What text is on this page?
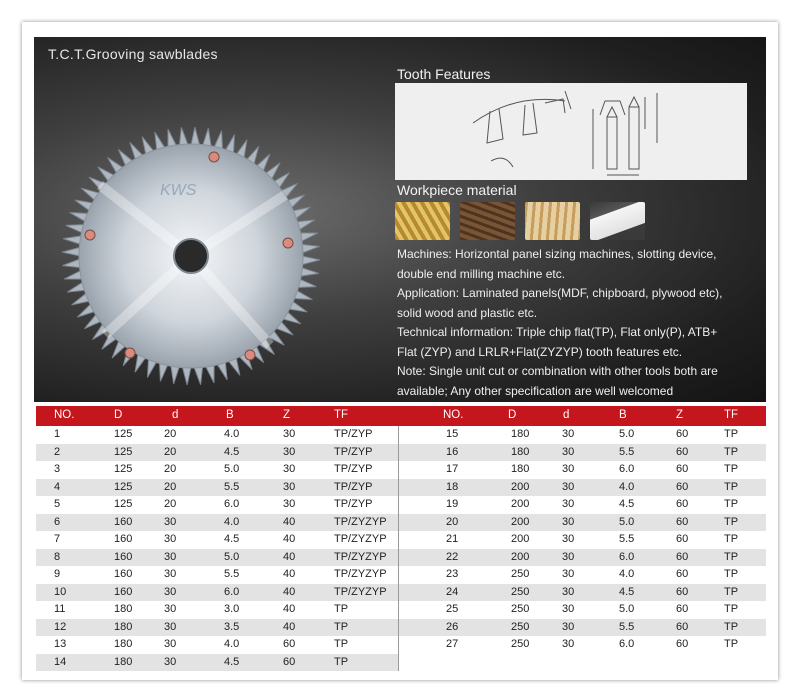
T.C.T.Grooving sawblades
KWS
Tooth Features
Workpiece material
Machines: Horizontal panel sizing machines, slotting device,
double end milling machine etc.
Application: Laminated panels(MDF, chipboard, plywood etc),
solid wood and plastic etc.
Technical information: Triple chip flat(TP), Flat only(P), ATB+
Flat (ZYP) and LRLR+Flat(ZYZYP) tooth features etc.
Note: Single unit cut or combination with other tools both are
available; Any other specification are well welcomed
NO.	D	d	B	Z	TF	NO.	D	d	B	Z	TF
1	125	20	4.0	30	TP/ZYP
2	125	20	4.5	30	TP/ZYP
3	125	20	5.0	30	TP/ZYP
4	125	20	5.5	30	TP/ZYP
5	125	20	6.0	30	TP/ZYP
6	160	30	4.0	40	TP/ZYZYP
7	160	30	4.5	40	TP/ZYZYP
8	160	30	5.0	40	TP/ZYZYP
9	160	30	5.5	40	TP/ZYZYP
10	160	30	6.0	40	TP/ZYZYP
11	180	30	3.0	40	TP
12	180	30	3.5	40	TP
13	180	30	4.0	60	TP
14	180	30	4.5	60	TP
15	180	30	5.0	60	TP
16	180	30	5.5	60	TP
17	180	30	6.0	60	TP
18	200	30	4.0	60	TP
19	200	30	4.5	60	TP
20	200	30	5.0	60	TP
21	200	30	5.5	60	TP
22	200	30	6.0	60	TP
23	250	30	4.0	60	TP
24	250	30	4.5	60	TP
25	250	30	5.0	60	TP
26	250	30	5.5	60	TP
27	250	30	6.0	60	TP
